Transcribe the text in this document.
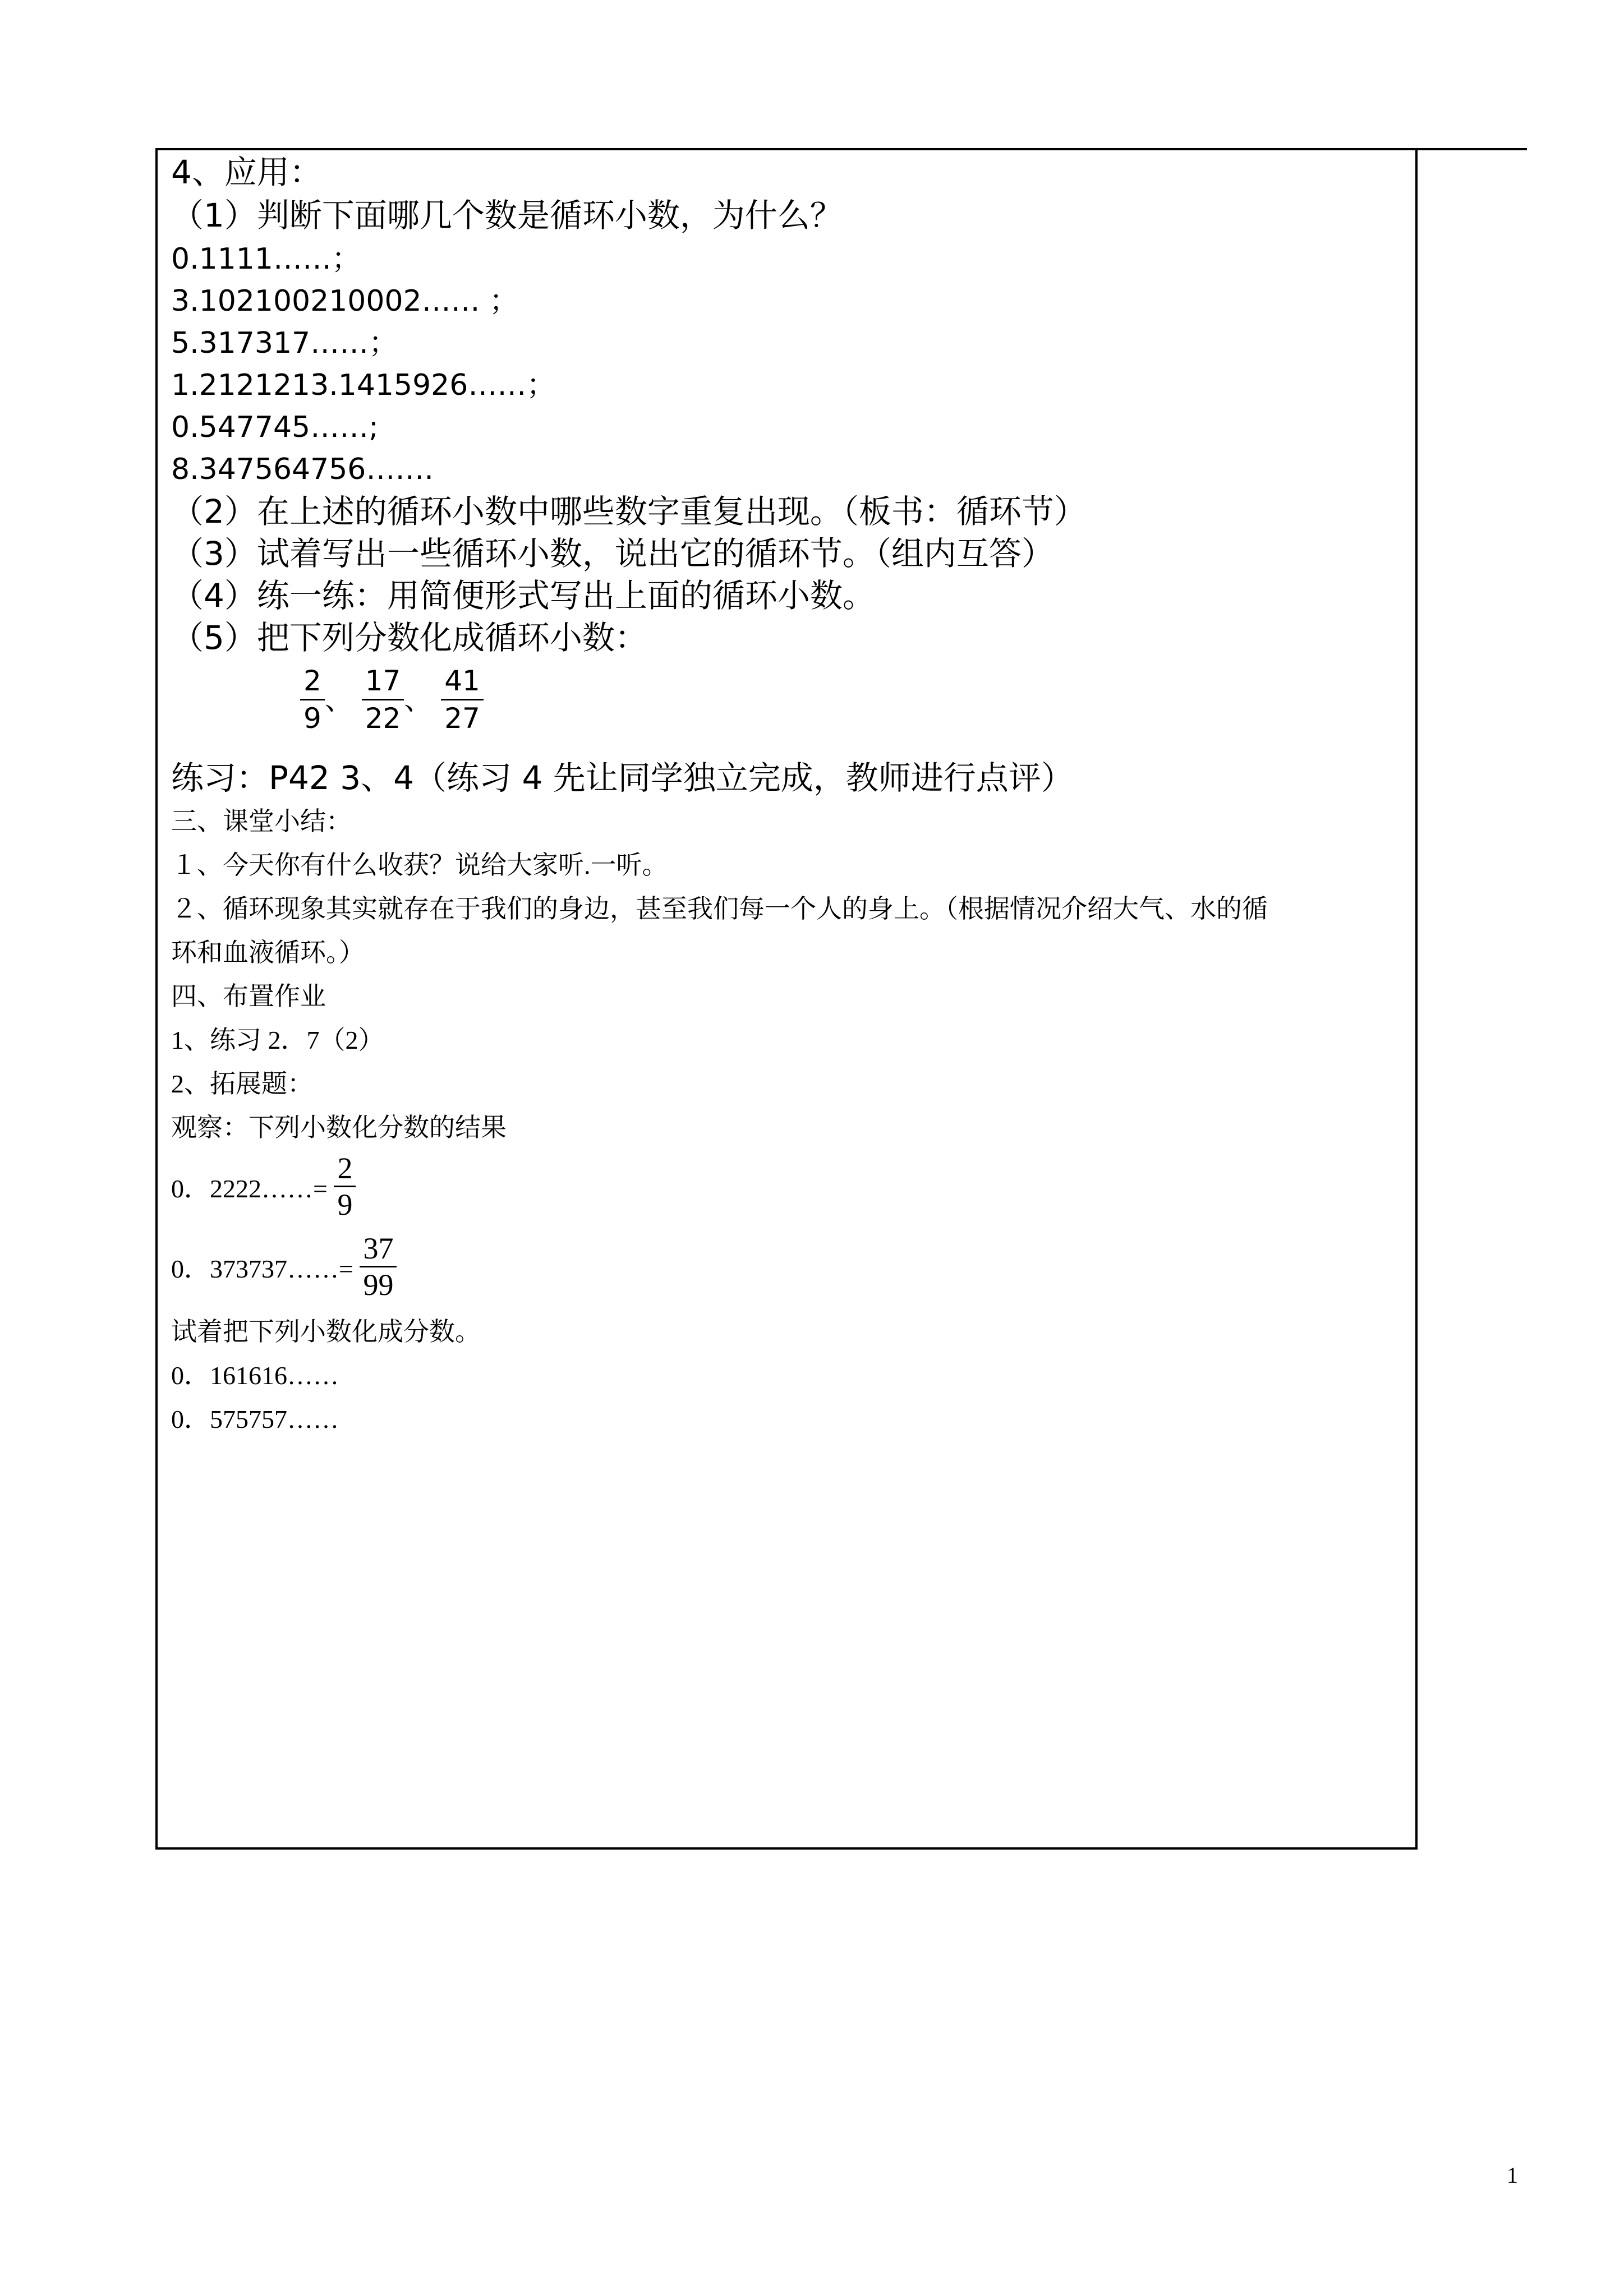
4、应用：
（1）判断下面哪几个数是循环小数，为什么？
0.1111……；
3.102100210002…… ；
5.317317……；
1.2121213.1415926……；
0.547745……;
8.347564756…….
（2）在上述的循环小数中哪些数字重复出现。（板书：循环节）
（3）试着写出一些循环小数，说出它的循环节。（组内互答）
（4）练一练：用简便形式写出上面的循环小数。
（5）把下列分数化成循环小数：
$\frac{2}{9}$ 、 $\frac{17}{22}$ 、 $\frac{41}{27}$
练习：P42 3、4（练习 4 先让同学独立完成，教师进行点评）
三、课堂小结：
１、今天你有什么收获？说给大家听.一听。
２、循环现象其实就存在于我们的身边，甚至我们每一个人的身上。（根据情况介绍大气、水的循
环和血液循环。）
四、布置作业
1、练习 2．7（2）
2、拓展题：
观察：下列小数化分数的结果
0．2222……= $\frac{2}{9}$
0．373737……= $\frac{37}{99}$
试着把下列小数化成分数。
0．161616……
0．575757……
1
